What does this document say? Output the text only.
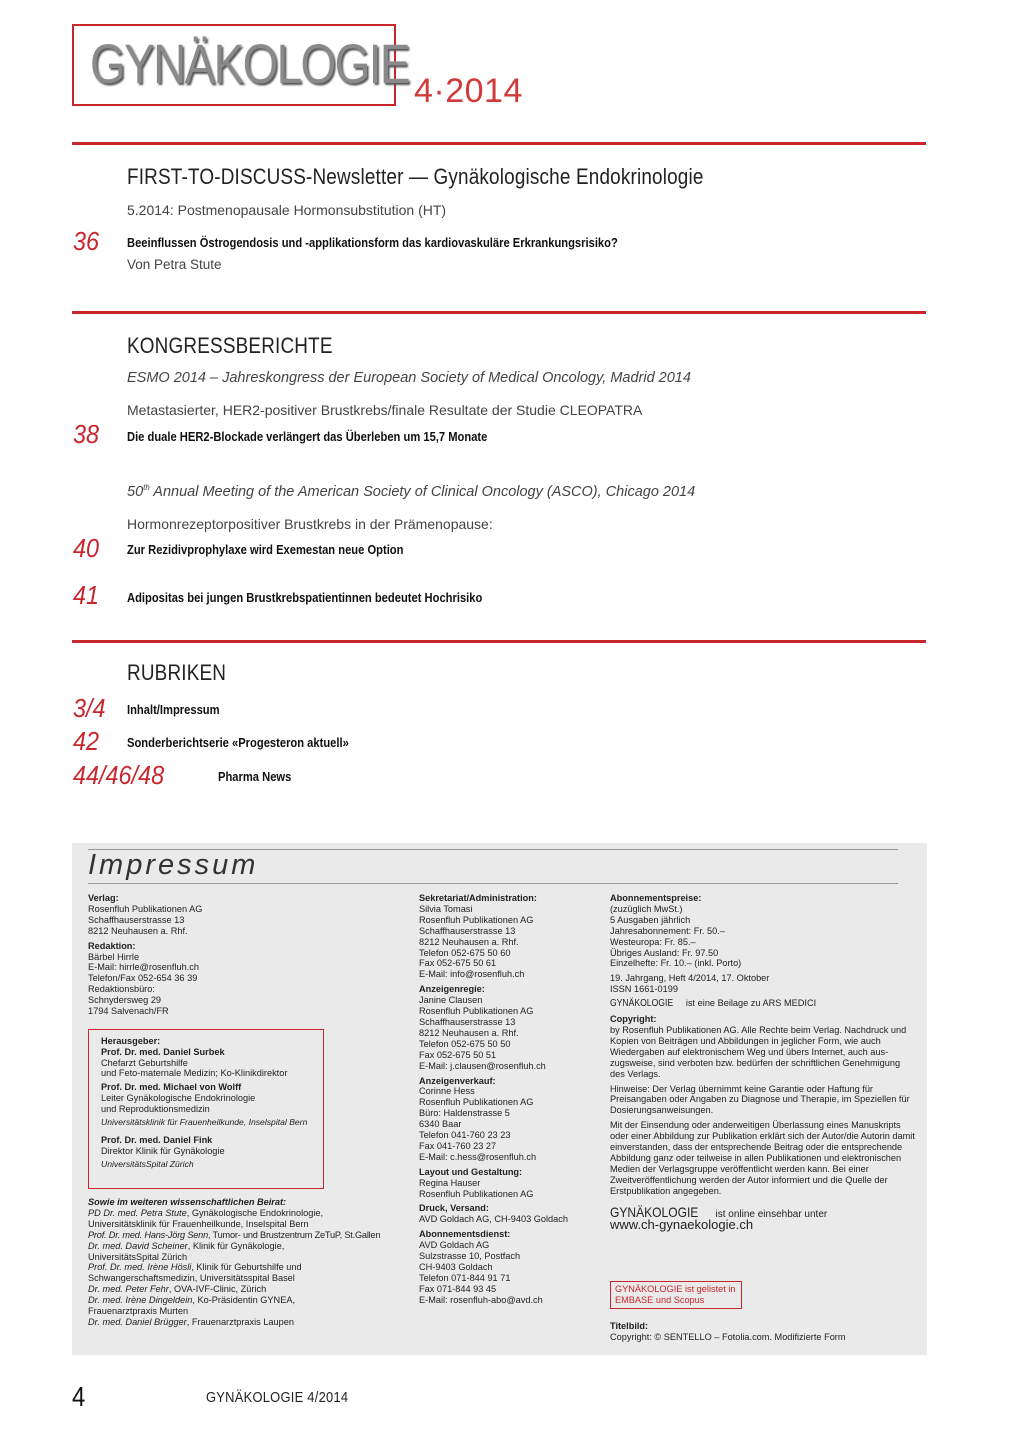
GYNÄKOLOGIE 4·2014
FIRST-TO-DISCUSS-Newsletter — Gynäkologische Endokrinologie
5.2014: Postmenopausale Hormonsubstitution (HT)
36 Beeinflussen Östrogendosis und -applikationsform das kardiovaskuläre Erkrankungsrisiko?
Von Petra Stute
KONGRESSBERICHTE
ESMO 2014 – Jahreskongress der European Society of Medical Oncology, Madrid 2014
Metastasierter, HER2-positiver Brustkrebs/finale Resultate der Studie CLEOPATRA
38 Die duale HER2-Blockade verlängert das Überleben um 15,7 Monate
50th Annual Meeting of the American Society of Clinical Oncology (ASCO), Chicago 2014
Hormonrezeptorpositiver Brustkrebs in der Prämenopause:
40 Zur Rezidivprophylaxe wird Exemestan neue Option
41 Adipositas bei jungen Brustkrebspatientinnen bedeutet Hochrisiko
RUBRIKEN
3/4 Inhalt/Impressum
42 Sonderberichtserie «Progesteron aktuell»
44/46/48	Pharma News
Impressum
Verlag:
Rosenfluh Publikationen AG
Schaffhauserstrasse 13
8212 Neuhausen a. Rhf.
Redaktion:
Bärbel Hirrle
E-Mail: hirrle@rosenfluh.ch
Telefon/Fax 052-654 36 39
Redaktionsbüro:
Schnydersweg 29
1794 Salvenach/FR
Herausgeber:
Prof. Dr. med. Daniel Surbek
Chefarzt Geburtshilfe
und Feto-maternale Medizin; Ko-Klinikdirektor
Prof. Dr. med. Michael von Wolff
Leiter Gynäkologische Endokrinologie
und Reproduktionsmedizin
Universitätsklinik für Frauenheilkunde, Inselspital Bern
Prof. Dr. med. Daniel Fink
Direktor Klinik für Gynäkologie
UniversitätsSpital Zürich
Sowie im weiteren wissenschaftlichen Beirat:
PD Dr. med. Petra Stute, Gynäkologische Endokrinologie,
Universitätsklinik für Frauenheilkunde, Inselspital Bern
Prof. Dr. med. Hans-Jörg Senn, Tumor- und Brustzentrum ZeTuP, St.Gallen
Dr. med. David Scheiner, Klinik für Gynäkologie,
UniversitätsSpital Zürich
Prof. Dr. med. Irène Hösli, Klinik für Geburtshilfe und
Schwangerschaftsmedizin, Universitätsspital Basel
Dr. med. Peter Fehr, OVA-IVF-Clinic, Zürich
Dr. med. Irène Dingeldein, Ko-Präsidentin GYNEA,
Frauenarztpraxis Murten
Dr. med. Daniel Brügger, Frauenarztpraxis Laupen
Sekretariat/Administration:
Silvia Tomasi
Rosenfluh Publikationen AG
Schaffhauserstrasse 13
8212 Neuhausen a. Rhf.
Telefon 052-675 50 60
Fax 052-675 50 61
E-Mail: info@rosenfluh.ch
Anzeigenregie:
Janine Clausen
Rosenfluh Publikationen AG
Schaffhauserstrasse 13
8212 Neuhausen a. Rhf.
Telefon 052-675 50 50
Fax 052-675 50 51
E-Mail: j.clausen@rosenfluh.ch
Anzeigenverkauf:
Corinne Hess
Rosenfluh Publikationen AG
Büro: Haldenstrasse 5
6340 Baar
Telefon 041-760 23 23
Fax 041-760 23 27
E-Mail: c.hess@rosenfluh.ch
Layout und Gestaltung:
Regina Hauser
Rosenfluh Publikationen AG
Druck, Versand:
AVD Goldach AG, CH-9403 Goldach
Abonnementsdienst:
AVD Goldach AG
Sulzstrasse 10, Postfach
CH-9403 Goldach
Telefon 071-844 91 71
Fax 071-844 93 45
E-Mail: rosenfluh-abo@avd.ch
Abonnementspreise:
(zuzüglich MwSt.)
5 Ausgaben jährlich
Jahresabonnement: Fr. 50.–
Westeuropa: Fr. 85.–
Übriges Ausland: Fr. 97.50
Einzelhefte: Fr. 10.– (inkl. Porto)
19. Jahrgang, Heft 4/2014, 17. Oktober
ISSN 1661-0199
GYNÄKOLOGIE ist eine Beilage zu ARS MEDICI
Copyright:
by Rosenfluh Publikationen AG. Alle Rechte beim Verlag. Nachdruck und Kopien von Beiträgen und Abbildungen in jeglicher Form, wie auch Wiedergaben auf elektronischem Weg und übers Internet, auch aus-zugsweise, sind verboten bzw. bedürfen der schriftlichen Genehmigung des Verlags.
Hinweise: Der Verlag übernimmt keine Garantie oder Haftung für Preisangaben oder Angaben zu Diagnose und Therapie, im Speziellen für Dosierungsanweisungen.
Mit der Einsendung oder anderweitigen Überlassung eines Manuskripts oder einer Abbildung zur Publikation erklärt sich der Autor/die Autorin damit einverstanden, dass der entsprechende Beitrag oder die entsprechende Abbildung ganz oder teilweise in allen Publikationen und elektronischen Medien der Verlagsgruppe veröffentlicht werden kann. Bei einer Zweitveröffentlichung werden der Autor informiert und die Quelle der Erstpublikation angegeben.
GYNÄKOLOGIE ist online einsehbar unter
www.ch-gynaekologie.ch
GYNÄKOLOGIE ist gelistet in EMBASE und Scopus
Titelbild:
Copyright: © SENTELLO – Fotolia.com. Modifizierte Form
4	GYNÄKOLOGIE 4/2014
